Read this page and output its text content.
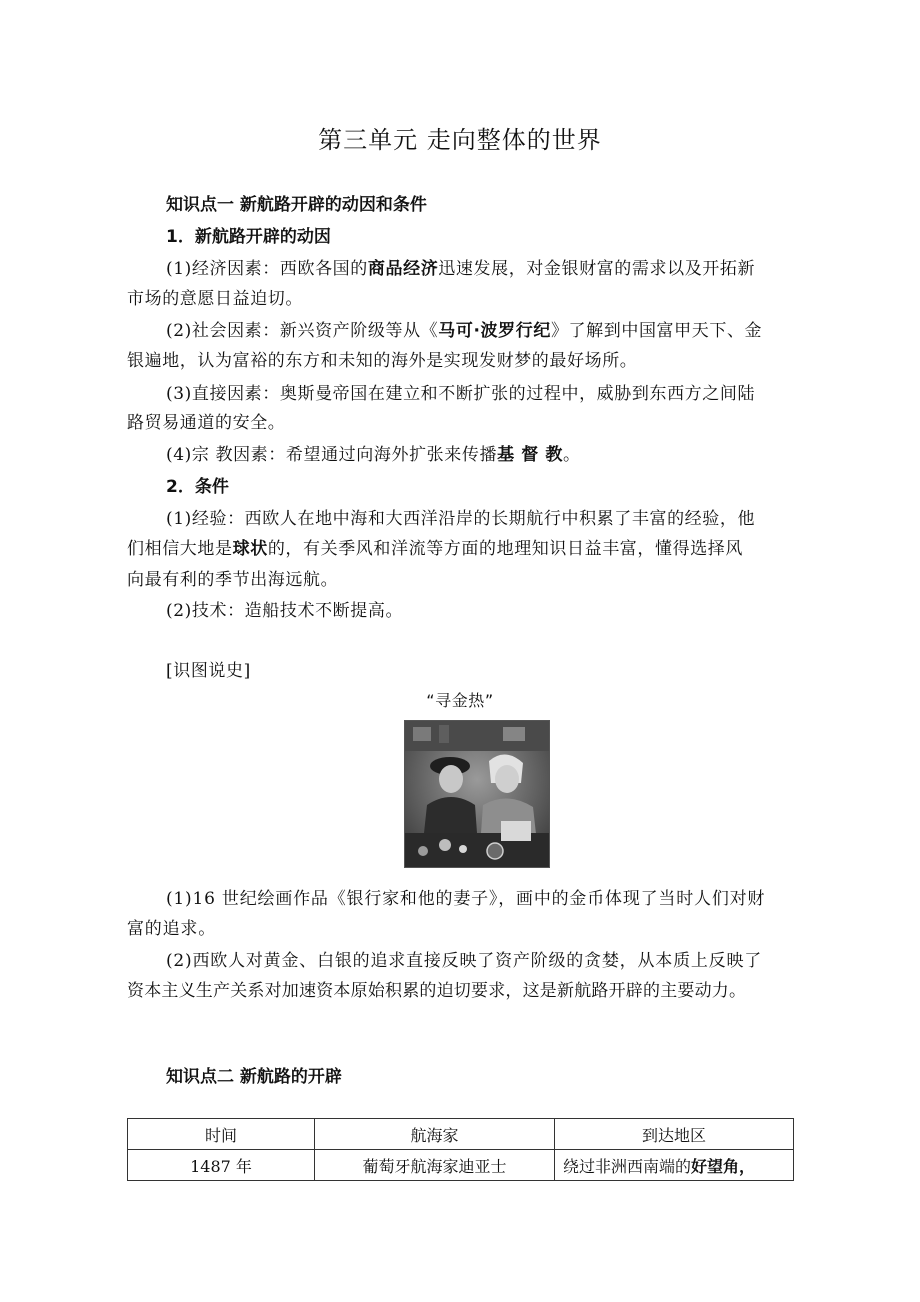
第三单元 走向整体的世界
知识点一 新航路开辟的动因和条件
1．新航路开辟的动因
(1)经济因素：西欧各国的商品经济迅速发展，对金银财富的需求以及开拓新
市场的意愿日益迫切。
(2)社会因素：新兴资产阶级等从《马可·波罗行纪》了解到中国富甲天下、金
银遍地，认为富裕的东方和未知的海外是实现发财梦的最好场所。
(3)直接因素：奥斯曼帝国在建立和不断扩张的过程中，威胁到东西方之间陆
路贸易通道的安全。
(4)宗 教因素：希望通过向海外扩张来传播基 督 教。
2．条件
(1)经验：西欧人在地中海和大西洋沿岸的长期航行中积累了丰富的经验，他
们相信大地是球状的，有关季风和洋流等方面的地理知识日益丰富，懂得选择风
向最有利的季节出海远航。
(2)技术：造船技术不断提高。
[识图说史]
“寻金热”
(1)16 世纪绘画作品《银行家和他的妻子》，画中的金币体现了当时人们对财
富的追求。
(2)西欧人对黄金、白银的追求直接反映了资产阶级的贪婪，从本质上反映了
资本主义生产关系对加速资本原始积累的迫切要求，这是新航路开辟的主要动力。
知识点二 新航路的开辟
时间	航海家	到达地区
1487 年	葡萄牙航海家迪亚士	绕过非洲西南端的好望角，
